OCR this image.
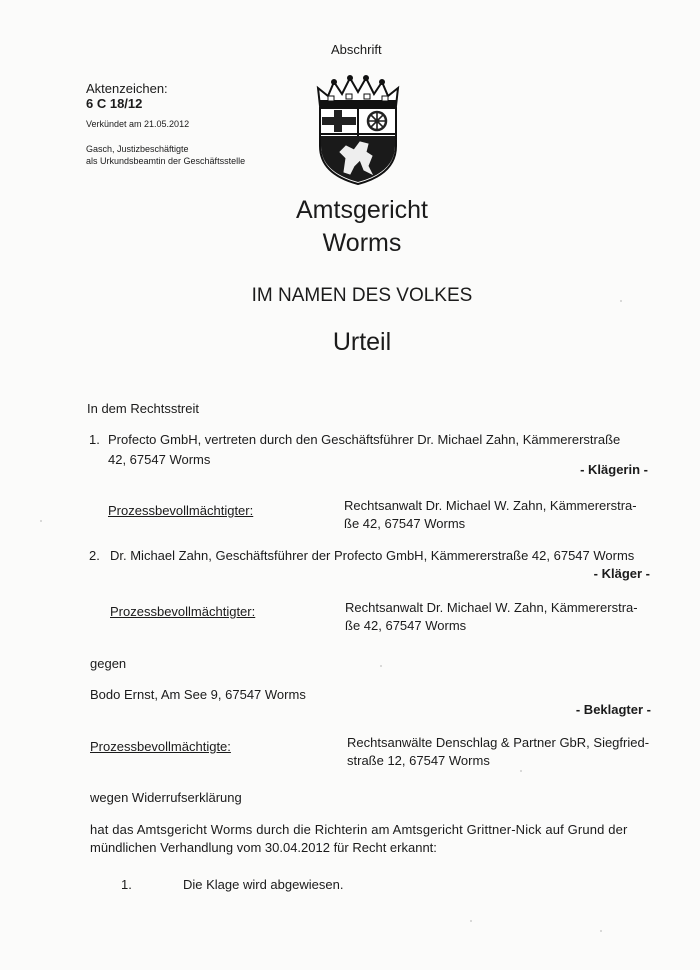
Abschrift
Aktenzeichen:
6 C 18/12
Verkündet am 21.05.2012
Gasch, Justizbeschäftigte
als Urkundsbeamtin der Geschäftsstelle
Amtsgericht
Worms
IM NAMEN DES VOLKES
Urteil
In dem Rechtsstreit
1. Profecto GmbH, vertreten durch den Geschäftsführer Dr. Michael Zahn, Kämmererstraße
42, 67547 Worms
- Klägerin -
Prozessbevollmächtigter:	Rechtsanwalt Dr. Michael W. Zahn, Kämmererstra-
ße 42, 67547 Worms
2. Dr. Michael Zahn, Geschäftsführer der Profecto GmbH, Kämmererstraße 42, 67547 Worms
- Kläger -
Prozessbevollmächtigter:	Rechtsanwalt Dr. Michael W. Zahn, Kämmererstra-
ße 42, 67547 Worms
gegen
Bodo Ernst, Am See 9, 67547 Worms
- Beklagter -
Prozessbevollmächtigte:	Rechtsanwälte Denschlag & Partner GbR, Siegfried-
straße 12, 67547 Worms
wegen Widerrufserklärung
hat das Amtsgericht Worms durch die Richterin am Amtsgericht Grittner-Nick auf Grund der
mündlichen Verhandlung vom 30.04.2012 für Recht erkannt:
1.	Die Klage wird abgewiesen.
